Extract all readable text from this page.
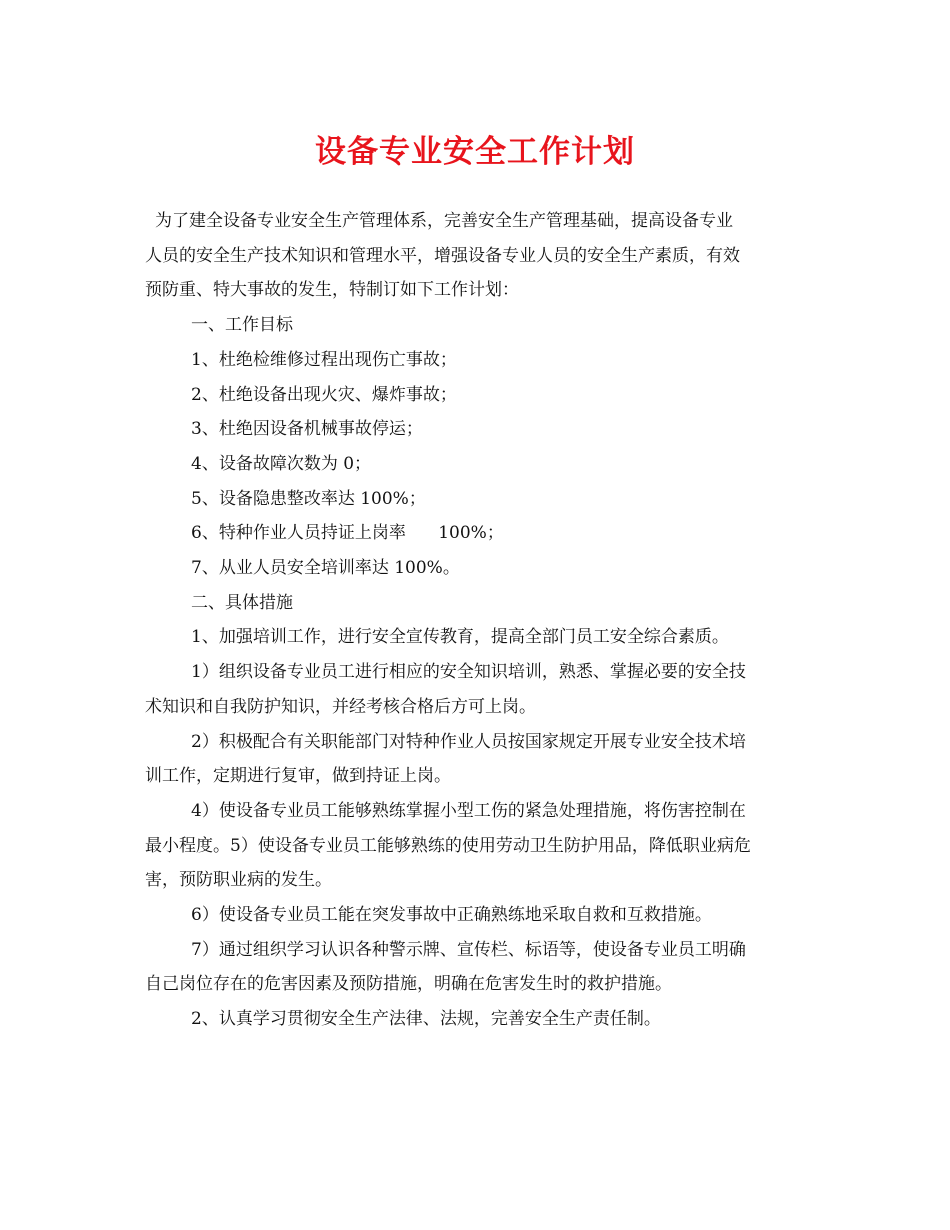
设备专业安全工作计划

为了建全设备专业安全生产管理体系，完善安全生产管理基础，提高设备专业

人员的安全生产技术知识和管理水平，增强设备专业人员的安全生产素质，有效

预防重、特大事故的发生，特制订如下工作计划：

一、工作目标

1、杜绝检维修过程出现伤亡事故；

2、杜绝设备出现火灾、爆炸事故；

3、杜绝因设备机械事故停运；

4、设备故障次数为 0；

5、设备隐患整改率达 100%；

6、特种作业人员持证上岗率      100%；

7、从业人员安全培训率达 100%。

二、具体措施

1、加强培训工作，进行安全宣传教育，提高全部门员工安全综合素质。

1）组织设备专业员工进行相应的安全知识培训，熟悉、掌握必要的安全技

术知识和自我防护知识，并经考核合格后方可上岗。

2）积极配合有关职能部门对特种作业人员按国家规定开展专业安全技术培

训工作，定期进行复审，做到持证上岗。

4）使设备专业员工能够熟练掌握小型工伤的紧急处理措施，将伤害控制在

最小程度。5）使设备专业员工能够熟练的使用劳动卫生防护用品，降低职业病危

害，预防职业病的发生。

6）使设备专业员工能在突发事故中正确熟练地采取自救和互救措施。

7）通过组织学习认识各种警示牌、宣传栏、标语等，使设备专业员工明确

自己岗位存在的危害因素及预防措施，明确在危害发生时的救护措施。

2、认真学习贯彻安全生产法律、法规，完善安全生产责任制。
